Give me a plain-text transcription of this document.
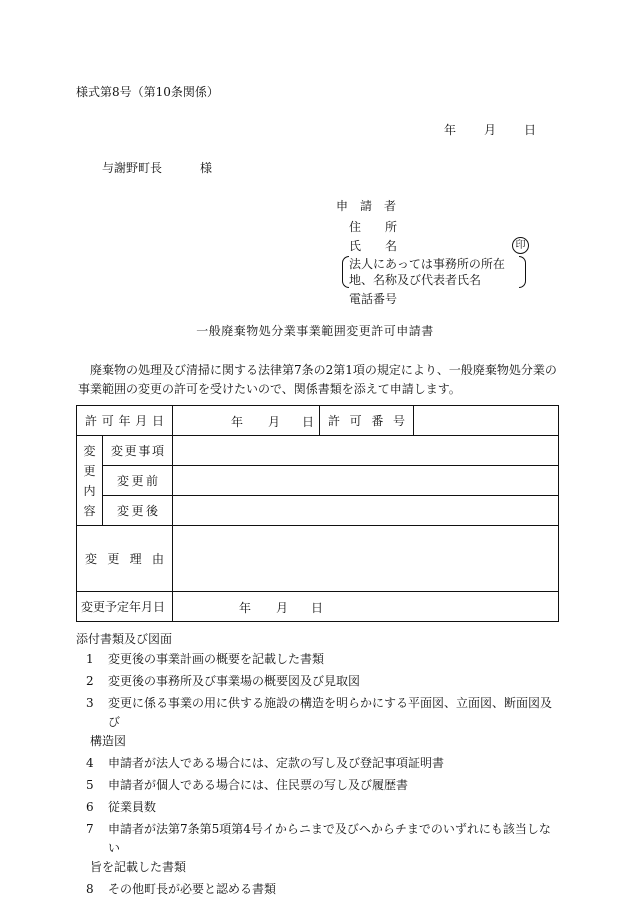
様式第8号（第10条関係）
年 月 日
与謝野町長	様
申　請　者
住　　所
氏　　名	印
法人にあっては事務所の所在
地、名称及び代表者氏名
電話番号
一般廃棄物処分業事業範囲変更許可申請書
廃棄物の処理及び清掃に関する法律第7条の2第1項の規定により、一般廃棄物処分業の事業範囲の変更の許可を受けたいので、関係書類を添えて申請します。
許可年月日		年 月 日	許可番号	

変
更
内
容	変更事項			
	変更前			
	変更後			
変更理由				
変更予定年月日		年 月 日		
添付書類及び図面
1 変更後の事業計画の概要を記載した書類
2 変更後の事務所及び事業場の概要図及び見取図
3 変更に係る事業の用に供する施設の構造を明らかにする平面図、立面図、断面図及び
構造図
4 申請者が法人である場合には、定款の写し及び登記事項証明書
5 申請者が個人である場合には、住民票の写し及び履歴書
6 従業員数
7 申請者が法第7条第5項第4号イからニまで及びヘからチまでのいずれにも該当しない
旨を記載した書類
8 その他町長が必要と認める書類
